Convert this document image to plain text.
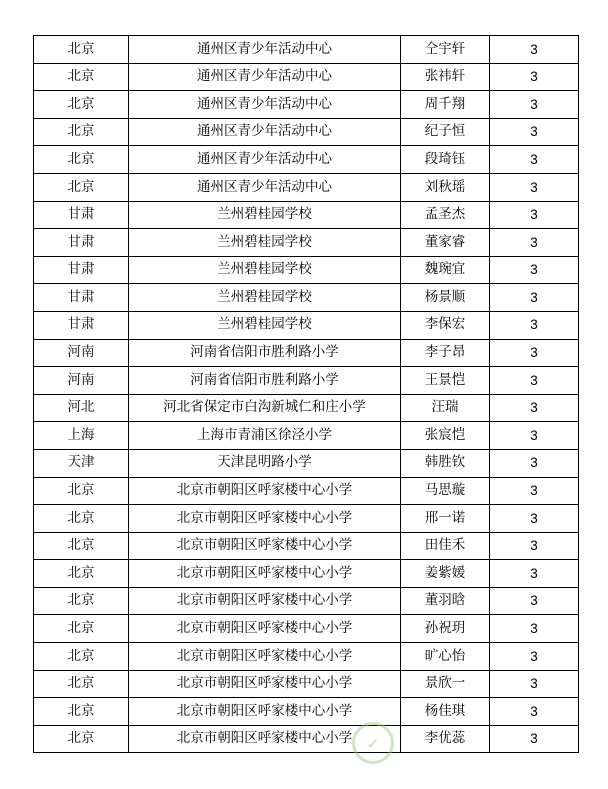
北京	通州区青少年活动中心	仝宇轩	3
北京	通州区青少年活动中心	张祎轩	3
北京	通州区青少年活动中心	周千翔	3
北京	通州区青少年活动中心	纪子恒	3
北京	通州区青少年活动中心	段琦钰	3
北京	通州区青少年活动中心	刘秋瑶	3
甘肃	兰州碧桂园学校	孟圣杰	3
甘肃	兰州碧桂园学校	董家睿	3
甘肃	兰州碧桂园学校	魏琬宜	3
甘肃	兰州碧桂园学校	杨景顺	3
甘肃	兰州碧桂园学校	李保宏	3
河南	河南省信阳市胜利路小学	李子昂	3
河南	河南省信阳市胜利路小学	王景恺	3
河北	河北省保定市白沟新城仁和庄小学	汪瑞	3
上海	上海市青浦区徐泾小学	张宸恺	3
天津	天津昆明路小学	韩胜钦	3
北京	北京市朝阳区呼家楼中心小学	马思璇	3
北京	北京市朝阳区呼家楼中心小学	邢一诺	3
北京	北京市朝阳区呼家楼中心小学	田佳禾	3
北京	北京市朝阳区呼家楼中心小学	姜紫媛	3
北京	北京市朝阳区呼家楼中心小学	董羽晗	3
北京	北京市朝阳区呼家楼中心小学	孙祝玥	3
北京	北京市朝阳区呼家楼中心小学	旷心怡	3
北京	北京市朝阳区呼家楼中心小学	景欣一	3
北京	北京市朝阳区呼家楼中心小学	杨佳琪	3
北京	北京市朝阳区呼家楼中心小学	李优蕊	3
✓
